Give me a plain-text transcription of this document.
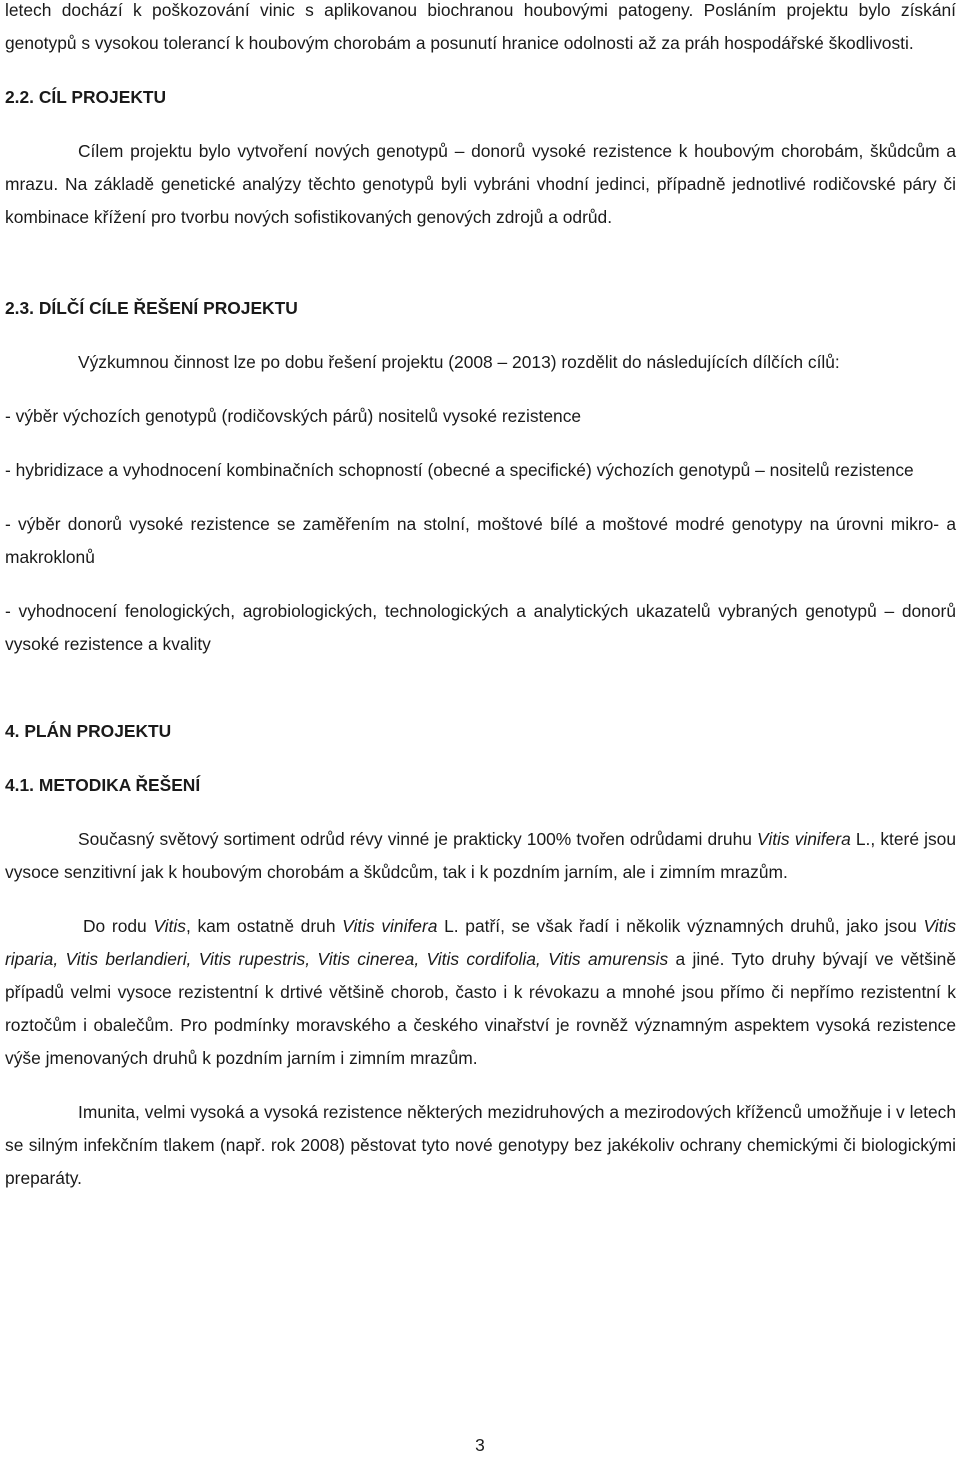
letech dochází k poškozování vinic s aplikovanou biochranou houbovými patogeny. Posláním projektu bylo získání genotypů s vysokou tolerancí k houbovým chorobám a posunutí hranice odolnosti až za práh hospodářské škodlivosti.

2.2. CÍL PROJEKTU

Cílem projektu bylo vytvoření nových genotypů – donorů vysoké rezistence k houbovým chorobám, škůdcům a mrazu. Na základě genetické analýzy těchto genotypů byli vybráni vhodní jedinci, případně jednotlivé rodičovské páry či kombinace křížení pro tvorbu nových sofistikovaných genových zdrojů a odrůd.

2.3. DÍLČÍ CÍLE ŘEŠENÍ PROJEKTU

Výzkumnou činnost lze po dobu řešení projektu (2008 – 2013) rozdělit do následujících dílčích cílů:

- výběr výchozích genotypů (rodičovských párů) nositelů vysoké rezistence

- hybridizace a vyhodnocení kombinačních schopností (obecné a specifické) výchozích genotypů – nositelů rezistence

- výběr donorů vysoké rezistence se zaměřením na stolní, moštové bílé a moštové modré genotypy na úrovni mikro- a makroklonů

- vyhodnocení fenologických, agrobiologických, technologických a analytických ukazatelů vybraných genotypů – donorů vysoké rezistence a kvality

4. PLÁN PROJEKTU
4.1. METODIKA ŘEŠENÍ

Současný světový sortiment odrůd révy vinné je prakticky 100% tvořen odrůdami druhu Vitis vinifera L., které jsou vysoce senzitivní jak k houbovým chorobám a škůdcům, tak i k pozdním jarním, ale i zimním mrazům.

Do rodu Vitis, kam ostatně druh Vitis vinifera L. patří, se však řadí i několik významných druhů, jako jsou Vitis riparia, Vitis berlandieri, Vitis rupestris, Vitis cinerea, Vitis cordifolia, Vitis amurensis a jiné. Tyto druhy bývají ve většině případů velmi vysoce rezistentní k drtivé většině chorob, často i k révokazu a mnohé jsou přímo či nepřímo rezistentní k roztočům i obalečům. Pro podmínky moravského a českého vinařství je rovněž významným aspektem vysoká rezistence výše jmenovaných druhů k pozdním jarním i zimním mrazům.

Imunita, velmi vysoká a vysoká rezistence některých mezidruhových a mezirodových kříženců umožňuje i v letech se silným infekčním tlakem (např. rok 2008) pěstovat tyto nové genotypy bez jakékoliv ochrany chemickými či biologickými preparáty.

3
